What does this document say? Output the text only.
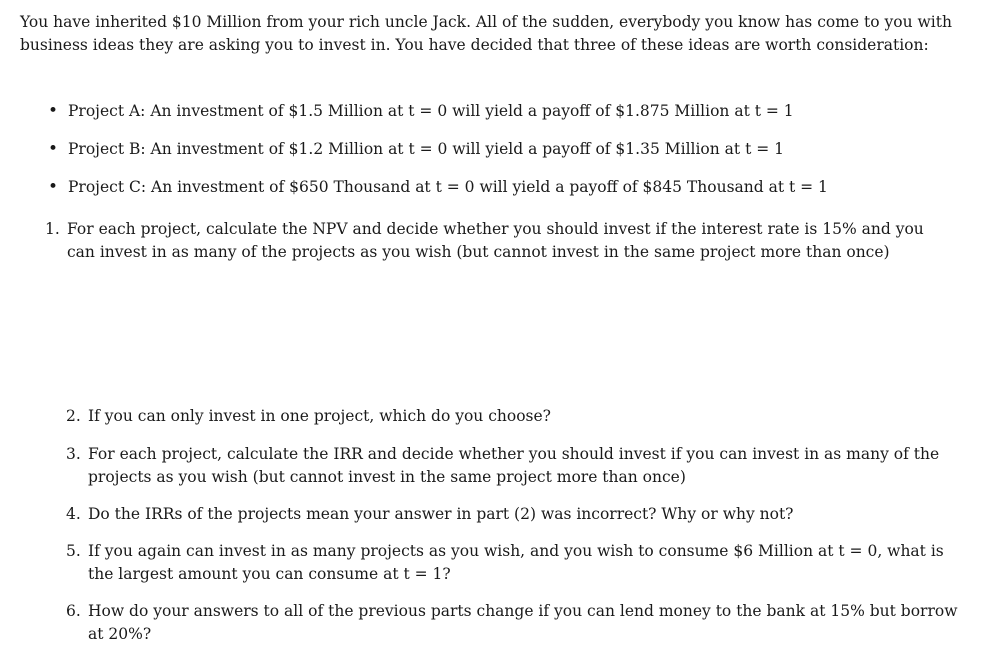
You have inherited $10 Million from your rich uncle Jack. All of the sudden, everybody you know has come to you with business ideas they are asking you to invest in. You have decided that three of these ideas are worth consideration:

• Project A: An investment of $1.5 Million at t = 0 will yield a payoff of $1.875 Million at t = 1
• Project B: An investment of $1.2 Million at t = 0 will yield a payoff of $1.35 Million at t = 1
• Project C: An investment of $650 Thousand at t = 0 will yield a payoff of $845 Thousand at t = 1
1. For each project, calculate the NPV and decide whether you should invest if the interest rate is 15% and you can invest in as many of the projects as you wish (but cannot invest in the same project more than once)

2. If you can only invest in one project, which do you choose?

3. For each project, calculate the IRR and decide whether you should invest if you can invest in as many of the projects as you wish (but cannot invest in the same project more than once)

4. Do the IRRs of the projects mean your answer in part (2) was incorrect? Why or why not?

5. If you again can invest in as many projects as you wish, and you wish to consume $6 Million at t = 0, what is the largest amount you can consume at t = 1?

6. How do your answers to all of the previous parts change if you can lend money to the bank at 15% but borrow at 20%?
